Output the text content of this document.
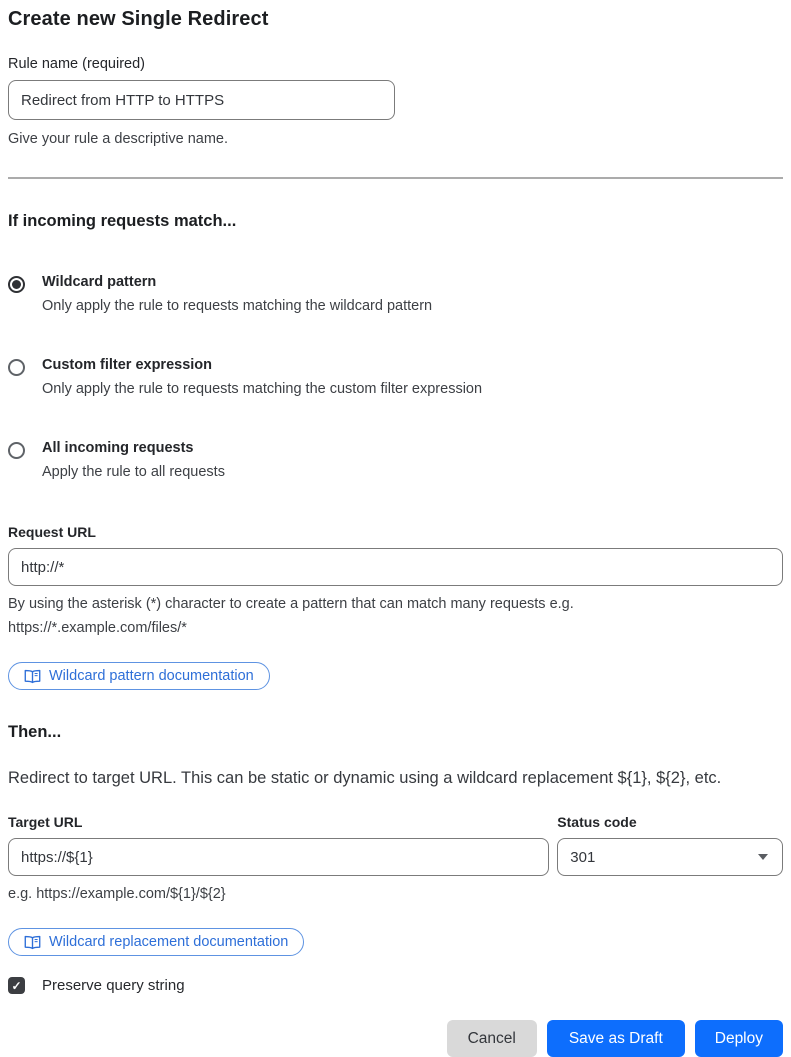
Create new Single Redirect
Rule name (required)
Redirect from HTTP to HTTPS
Give your rule a descriptive name.
If incoming requests match...
Wildcard pattern
Only apply the rule to requests matching the wildcard pattern
Custom filter expression
Only apply the rule to requests matching the custom filter expression
All incoming requests
Apply the rule to all requests
Request URL
http://*
By using the asterisk (*) character to create a pattern that can match many requests e.g.
https://*.example.com/files/*
Wildcard pattern documentation
Then...

Redirect to target URL. This can be static or dynamic using a wildcard replacement ${1}, ${2}, etc.

Target URL
https://${1}
e.g. https://example.com/${1}/${2}
Status code
301
Wildcard replacement documentation
✓ Preserve query string
Cancel	Save as Draft	Deploy
